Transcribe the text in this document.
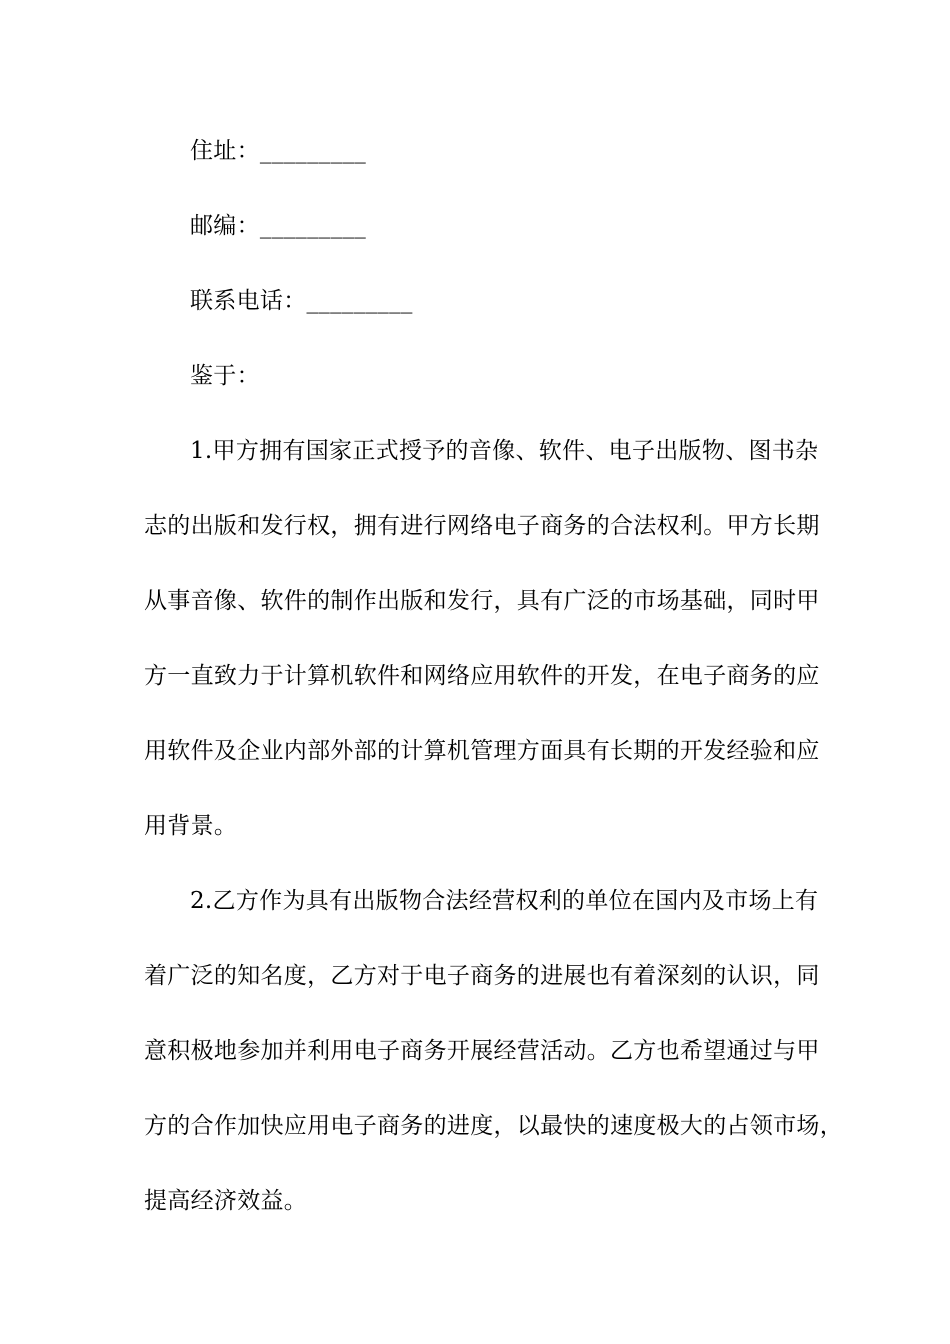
住址：_________
邮编：_________
联系电话：_________
鉴于：
1.甲方拥有国家正式授予的音像、软件、电子出版物、图书杂
志的出版和发行权，拥有进行网络电子商务的合法权利。甲方长期
从事音像、软件的制作出版和发行，具有广泛的市场基础，同时甲
方一直致力于计算机软件和网络应用软件的开发，在电子商务的应
用软件及企业内部外部的计算机管理方面具有长期的开发经验和应
用背景。
2.乙方作为具有出版物合法经营权利的单位在国内及市场上有
着广泛的知名度，乙方对于电子商务的进展也有着深刻的认识，同
意积极地参加并利用电子商务开展经营活动。乙方也希望通过与甲
方的合作加快应用电子商务的进度，以最快的速度极大的占领市场，
提高经济效益。
